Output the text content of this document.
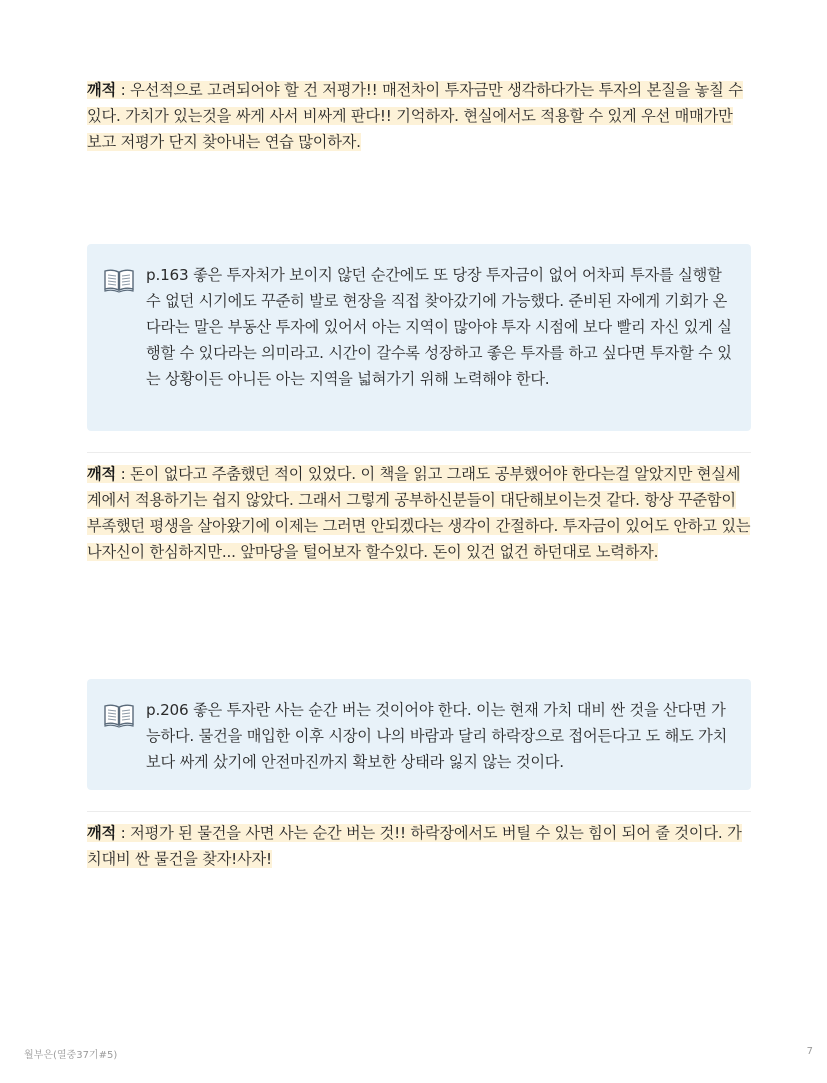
깨적 : 우선적으로 고려되어야 할 건 저평가!! 매전차이 투자금만 생각하다가는 투자의 본질을 놓칠 수 있다. 가치가 있는것을 싸게 사서 비싸게 판다!! 기억하자. 현실에서도 적용할 수 있게 우선 매매가만 보고 저평가 단지 찾아내는 연습 많이하자.
p.163 좋은 투자처가 보이지 않던 순간에도 또 당장 투자금이 없어 어차피 투자를 실행할 수 없던 시기에도 꾸준히 발로 현장을 직접 찾아갔기에 가능했다. 준비된 자에게 기회가 온다라는 말은 부동산 투자에 있어서 아는 지역이 많아야 투자 시점에 보다 빨리 자신 있게 실행할 수 있다라는 의미라고. 시간이 갈수록 성장하고 좋은 투자를 하고 싶다면 투자할 수 있는 상황이든 아니든 아는 지역을 넓혀가기 위해 노력해야 한다.
깨적 : 돈이 없다고 주춤했던 적이 있었다. 이 책을 읽고 그래도 공부했어야 한다는걸 알았지만 현실세계에서 적용하기는 쉽지 않았다. 그래서 그렇게 공부하신분들이 대단해보이는것 같다. 항상 꾸준함이 부족했던 평생을 살아왔기에 이제는 그러면 안되겠다는 생각이 간절하다. 투자금이 있어도 안하고 있는 나자신이 한심하지만... 앞마당을 털어보자 할수있다. 돈이 있건 없건 하던대로 노력하자.
p.206 좋은 투자란 사는 순간 버는 것이어야 한다. 이는 현재 가치 대비 싼 것을 산다면 가능하다. 물건을 매입한 이후 시장이 나의 바람과 달리 하락장으로 접어든다고 도 해도 가치보다 싸게 샀기에 안전마진까지 확보한 상태라 잃지 않는 것이다.
깨적 : 저평가 된 물건을 사면 사는 순간 버는 것!! 하락장에서도 버틸 수 있는 힘이 되어 줄 것이다. 가치대비 싼 물건을 찾자!사자!
월부은(열중37기#5)	7
